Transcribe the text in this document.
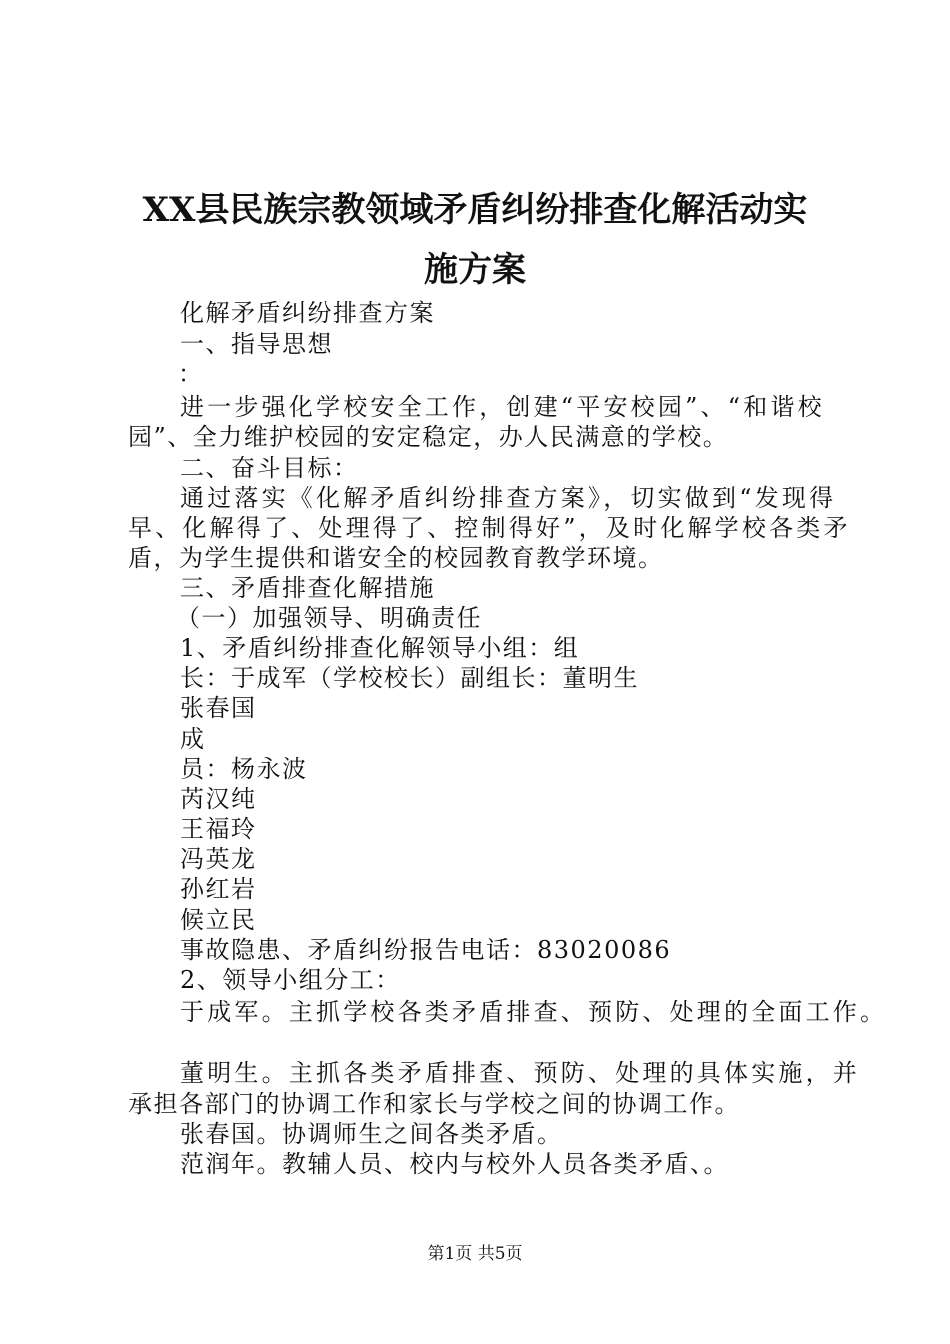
XX县民族宗教领域矛盾纠纷排查化解活动实
施方案
化解矛盾纠纷排查方案
一、指导思想
：
进一步强化学校安全工作，创建“平安校园”、“和谐校
园”、全力维护校园的安定稳定，办人民满意的学校。
二、奋斗目标：
通过落实《化解矛盾纠纷排查方案》，切实做到“发现得
早、化解得了、处理得了、控制得好”，及时化解学校各类矛
盾，为学生提供和谐安全的校园教育教学环境。
三、矛盾排查化解措施
（一）加强领导、明确责任
1、矛盾纠纷排查化解领导小组：组
长：于成军（学校校长）副组长：董明生
张春国
成
员：杨永波
芮汉纯
王福玲
冯英龙
孙红岩
候立民
事故隐患、矛盾纠纷报告电话：83020086
2、领导小组分工：
于成军。主抓学校各类矛盾排查、预防、处理的全面工作。
董明生。主抓各类矛盾排查、预防、处理的具体实施，并
承担各部门的协调工作和家长与学校之间的协调工作。
张春国。协调师生之间各类矛盾。
范润年。教辅人员、校内与校外人员各类矛盾、。
第1页 共5页
